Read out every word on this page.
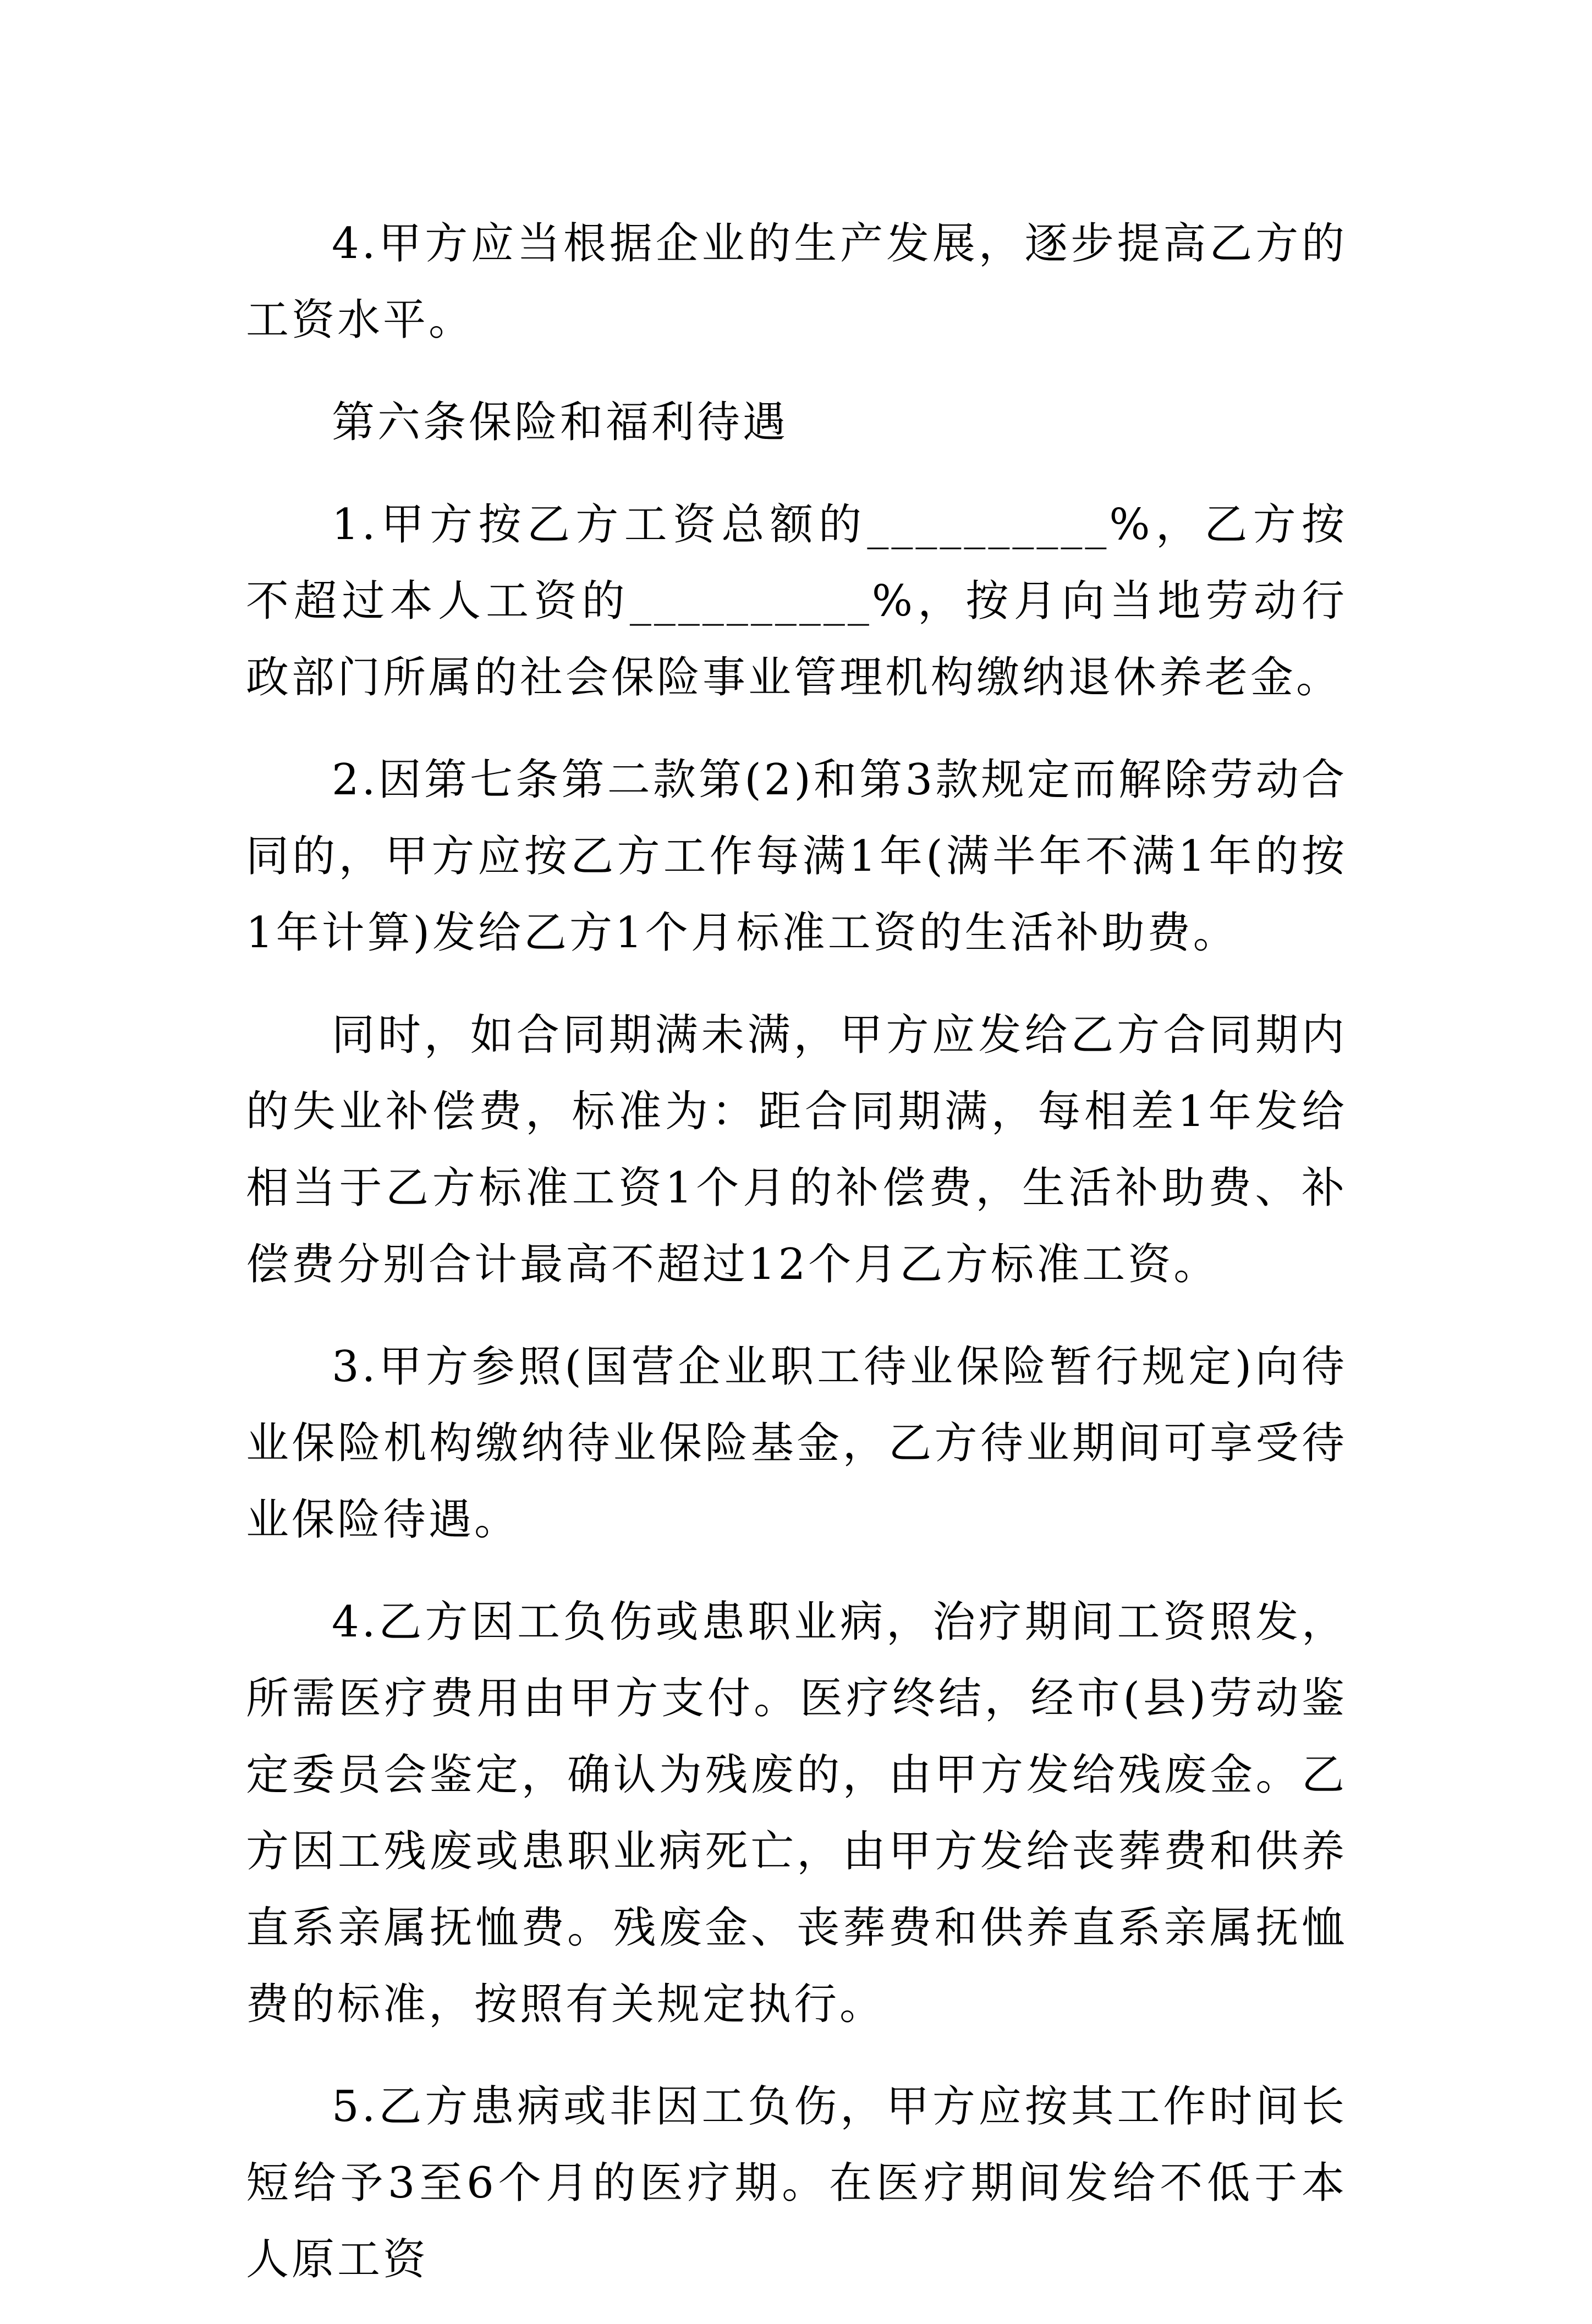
4.甲方应当根据企业的生产发展，逐步提高乙方的工资水平。

第六条保险和福利待遇

1.甲方按乙方工资总额的__________%，乙方按不超过本人工资的__________%，按月向当地劳动行政部门所属的社会保险事业管理机构缴纳退休养老金。

2.因第七条第二款第(2)和第3款规定而解除劳动合同的，甲方应按乙方工作每满1年(满半年不满1年的按1年计算)发给乙方1个月标准工资的生活补助费。

同时，如合同期满未满，甲方应发给乙方合同期内的失业补偿费，标准为：距合同期满，每相差1年发给相当于乙方标准工资1个月的补偿费，生活补助费、补偿费分别合计最高不超过12个月乙方标准工资。

3.甲方参照(国营企业职工待业保险暂行规定)向待业保险机构缴纳待业保险基金，乙方待业期间可享受待业保险待遇。

4.乙方因工负伤或患职业病，治疗期间工资照发，所需医疗费用由甲方支付。医疗终结，经市(县)劳动鉴定委员会鉴定，确认为残废的，由甲方发给残废金。乙方因工残废或患职业病死亡，由甲方发给丧葬费和供养直系亲属抚恤费。残废金、丧葬费和供养直系亲属抚恤费的标准，按照有关规定执行。

5.乙方患病或非因工负伤，甲方应按其工作时间长短给予3至6个月的医疗期。在医疗期间发给不低于本人原工资
